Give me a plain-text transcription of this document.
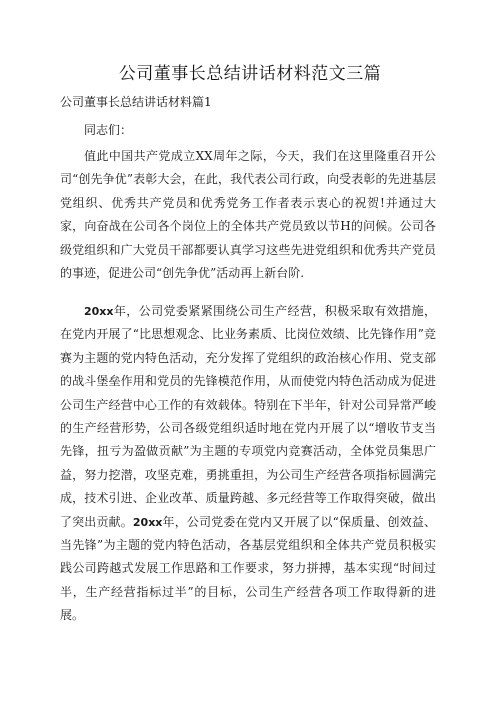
公司董事长总结讲话材料范文三篇
公司董事长总结讲话材料篇1
同志们：

值此中国共产党成立XX周年之际，今天，我们在这里隆重召开公司“创先争优”表彰大会，在此，我代表公司行政，向受表彰的先进基层党组织、优秀共产党员和优秀党务工作者表示衷心的祝贺!并通过大家，向奋战在公司各个岗位上的全体共产党员致以节H的问候。公司各级党组织和广大党员干部都要认真学习这些先进党组织和优秀共产党员的事迹，促进公司“创先争优”活动再上新台阶.

20xx年，公司党委紧紧围绕公司生产经营，积极采取有效措施，在党内开展了“比思想观念、比业务素质、比岗位效绩、比先锋作用”竞赛为主题的党内特色活动，充分发挥了党组织的政治核心作用、党支部的战斗堡垒作用和党员的先锋模范作用，从而使党内特色活动成为促进公司生产经营中心工作的有效载体。特别在下半年，针对公司异常严峻的生产经营形势，公司各级党组织适时地在党内开展了以“增收节支当先锋，扭亏为盈做贡献”为主题的专项党内竞赛活动，全体党员集思广益，努力挖潜，攻坚克难，勇挑重担，为公司生产经营各项指标圆满完成，技术引进、企业改革、质量跨越、多元经营等工作取得突破，做出了突出贡献。20xx年，公司党委在党内又开展了以“保质量、创效益、当先锋”为主题的党内特色活动，各基层党组织和全体共产党员积极实践公司跨越式发展工作思路和工作要求，努力拼搏，基本实现“时间过半，生产经营指标过半”的目标，公司生产经营各项工作取得新的进展。
